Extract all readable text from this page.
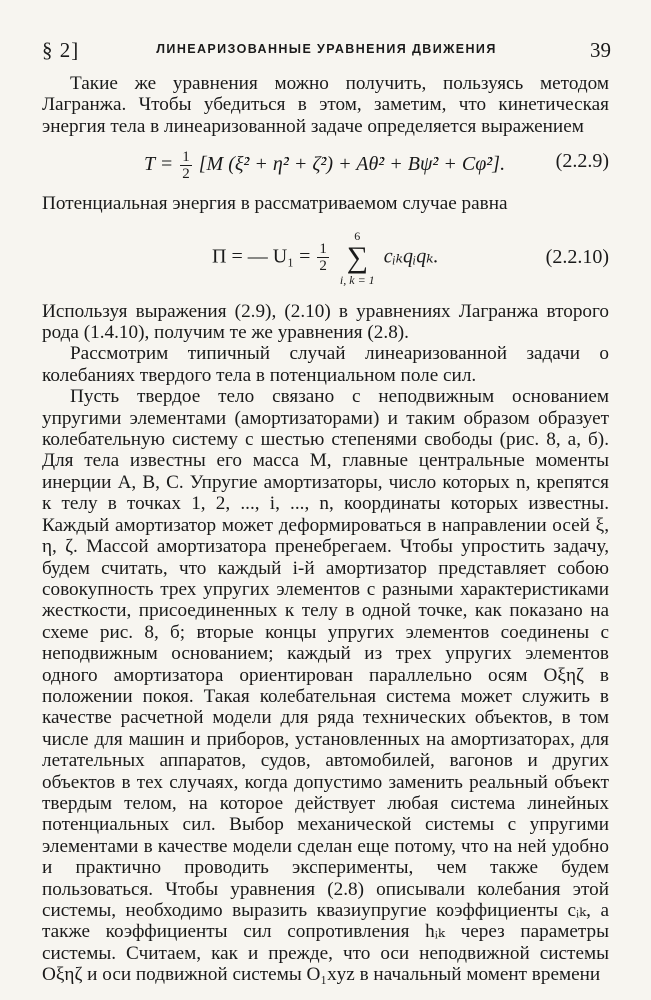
§ 2]	ЛИНЕАРИЗОВАННЫЕ УРАВНЕНИЯ ДВИЖЕНИЯ	39

Такие же уравнения можно получить, пользуясь методом Лагранжа. Чтобы убедиться в этом, заметим, что кинетическая энергия тела в линеаризованной задаче определяется выражением

$T = \frac{1}{2} [M$ (ξ̇² + η̇² + ζ̇²) + Aθ̇² + Bψ̇² + Cφ̇²].	(2.2.9)

Потенциальная энергия в рассматриваемом случае равна

Π = — $U_1 = \frac{1}{2}$

6
∑
i, k = 1
cᵢₖqᵢqₖ.	(2.2.10)

Используя выражения (2.9), (2.10) в уравнениях Лагранжа второго рода (1.4.10), получим те же уравнения (2.8).

Рассмотрим типичный случай линеаризованной задачи о колебаниях твердого тела в потенциальном поле сил.

Пусть твердое тело связано с неподвижным основанием упругими элементами (амортизаторами) и таким образом образует колебательную систему с шестью степенями свободы (рис. 8, а, б). Для тела известны его масса M, главные центральные моменты инерции A, B, C. Упругие амортизаторы, число которых n, крепятся к телу в точках 1, 2, ..., i, ..., n, координаты которых известны. Каждый амортизатор может деформироваться в направлении осей ξ, η, ζ. Массой амортизатора пренебрегаем. Чтобы упростить задачу, будем считать, что каждый i-й амортизатор представляет собою совокупность трех упругих элементов с разными характеристиками жесткости, присоединенных к телу в одной точке, как показано на схеме рис. 8, б; вторые концы упругих элементов соединены с неподвижным основанием; каждый из трех упругих элементов одного амортизатора ориентирован параллельно осям Oξηζ в положении покоя. Такая колебательная система может служить в качестве расчетной модели для ряда технических объектов, в том числе для машин и приборов, установленных на амортизаторах, для летательных аппаратов, судов, автомобилей, вагонов и других объектов в тех случаях, когда допустимо заменить реальный объект твердым телом, на которое действует любая система линейных потенциальных сил. Выбор механической системы с упругими элементами в качестве модели сделан еще потому, что на ней удобно и практично проводить эксперименты, чем также будем пользоваться. Чтобы уравнения (2.8) описывали колебания этой системы, необходимо выразить квазиупругие коэффициенты cᵢₖ, а также коэффициенты сил сопротивления hᵢₖ через параметры системы. Считаем, как и прежде, что оси неподвижной системы Oξηζ и оси подвижной системы O₁xyz в начальный момент времени
